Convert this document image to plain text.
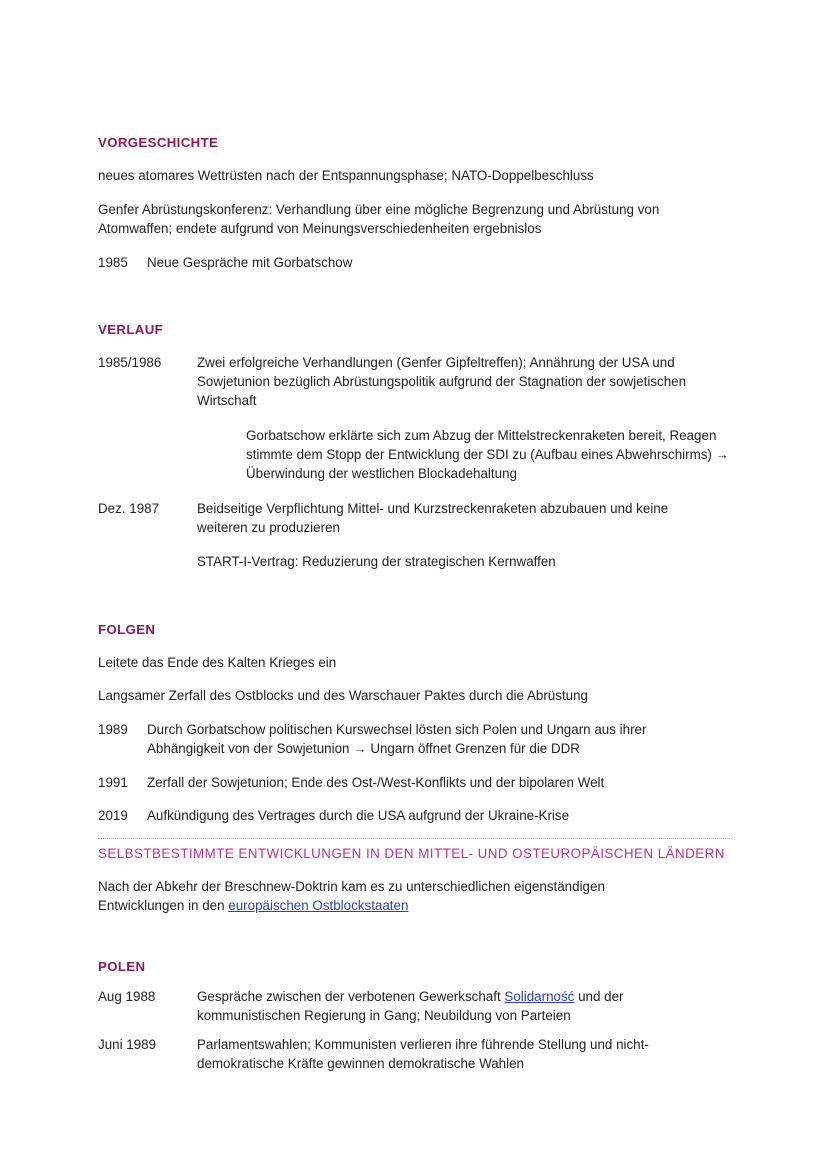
VORGESCHICHTE
neues atomares Wettrüsten nach der Entspannungsphase; NATO-Doppelbeschluss
Genfer Abrüstungskonferenz: Verhandlung über eine mögliche Begrenzung und Abrüstung von Atomwaffen; endete aufgrund von Meinungsverschiedenheiten ergebnislos
1985 Neue Gespräche mit Gorbatschow
VERLAUF
1985/1986	Zwei erfolgreiche Verhandlungen (Genfer Gipfeltreffen); Annährung der USA und Sowjetunion bezüglich Abrüstungspolitik aufgrund der Stagnation der sowjetischen Wirtschaft
Gorbatschow erklärte sich zum Abzug der Mittelstreckenraketen bereit, Reagen stimmte dem Stopp der Entwicklung der SDI zu (Aufbau eines Abwehrschirms) → Überwindung der westlichen Blockadehaltung
Dez. 1987	Beidseitige Verpflichtung Mittel- und Kurzstreckenraketen abzubauen und keine   weiteren zu produzieren
START-I-Vertrag: Reduzierung der strategischen Kernwaffen
FOLGEN
Leitete das Ende des Kalten Krieges ein
Langsamer Zerfall des Ostblocks und des Warschauer Paktes durch die Abrüstung
1989 Durch Gorbatschow politischen Kurswechsel lösten sich Polen und Ungarn aus ihrer Abhängigkeit von der Sowjetunion → Ungarn öffnet Grenzen für die DDR
1991 Zerfall der Sowjetunion; Ende des Ost-/West-Konflikts und der bipolaren Welt
2019 Aufkündigung des Vertrages durch die USA aufgrund der Ukraine-Krise
SELBSTBESTIMMTE ENTWICKLUNGEN IN DEN MITTEL- UND OSTEUROPÄISCHEN LÄNDERN
Nach der Abkehr der Breschnew-Doktrin kam es zu unterschiedlichen eigenständigen Entwicklungen in den europäischen Ostblockstaaten
POLEN
Aug 1988	Gespräche zwischen der verbotenen Gewerkschaft Solidarność und der kommunistischen Regierung in Gang; Neubildung von Parteien
Juni 1989	Parlamentswahlen; Kommunisten verlieren ihre führende Stellung und nicht-demokratische Kräfte gewinnen demokratische Wahlen
